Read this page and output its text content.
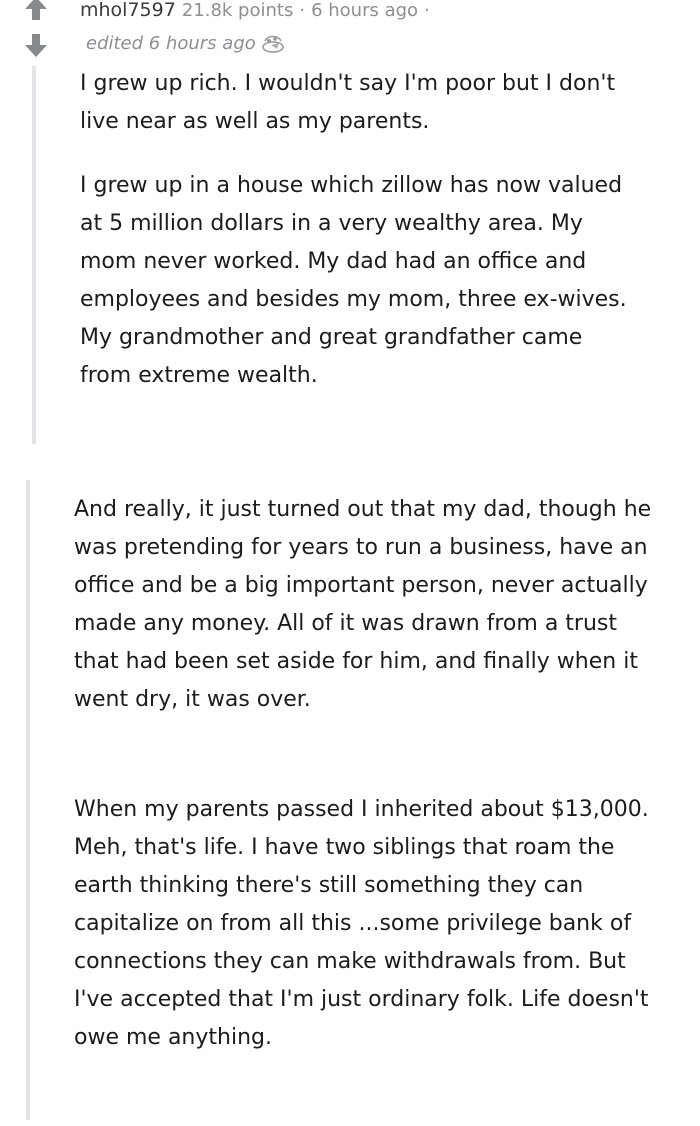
mhol7597 21.8k points · 6 hours ago ·
edited 6 hours ago

I grew up rich. I wouldn't say I'm poor but I don't live near as well as my parents.

I grew up in a house which zillow has now valued at 5 million dollars in a very wealthy area. My mom never worked. My dad had an office and employees and besides my mom, three ex-wives. My grandmother and great grandfather came from extreme wealth.

And really, it just turned out that my dad, though he was pretending for years to run a business, have an office and be a big important person, never actually made any money. All of it was drawn from a trust that had been set aside for him, and finally when it went dry, it was over.

When my parents passed I inherited about $13,000. Meh, that's life. I have two siblings that roam the earth thinking there's still something they can capitalize on from all this ...some privilege bank of connections they can make withdrawals from. But I've accepted that I'm just ordinary folk. Life doesn't owe me anything.
